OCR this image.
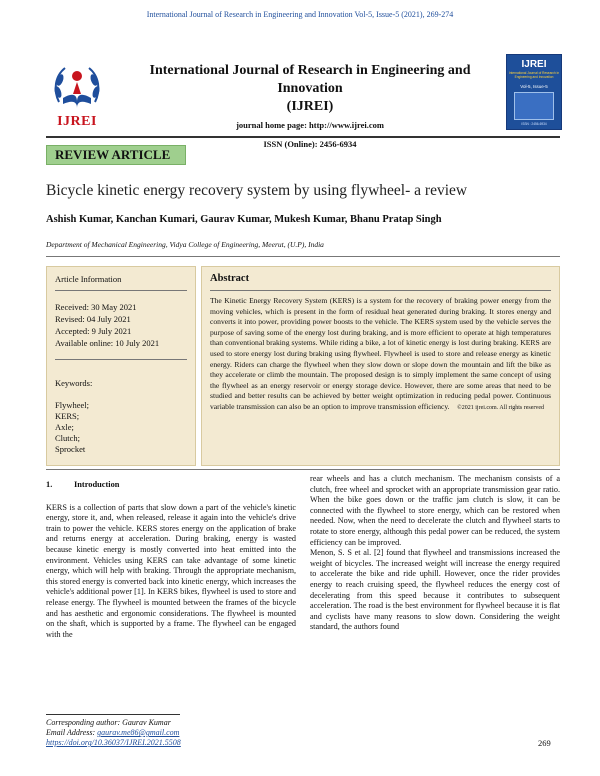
International Journal of Research in Engineering and Innovation Vol-5, Issue-5 (2021), 269-274
IJREI
International Journal of Research in Engineering and Innovation
(IJREI)
journal home page: http://www.ijrei.com
ISSN (Online): 2456-6934
IJREI
International Journal of Research in Engineering and Innovation
Vol-5, Issue-5
ISSN : 2456-6934
REVIEW ARTICLE
Bicycle kinetic energy recovery system by using flywheel- a review
Ashish Kumar, Kanchan Kumari, Gaurav Kumar, Mukesh Kumar, Bhanu Pratap Singh
Department of Mechanical Engineering, Vidya College of Engineering, Meerut, (U.P), India
Article Information
Received: 30 May 2021
Revised: 04 July 2021
Accepted: 9 July 2021
Available online: 10 July 2021
Keywords:
Flywheel;
KERS;
Axle;
Clutch;
Sprocket
Abstract
The Kinetic Energy Recovery System (KERS) is a system for the recovery of braking power energy from the moving vehicles, which is present in the form of residual heat generated during braking. It stores energy and converts it into power, providing power boosts to the vehicle. The KERS system used by the vehicle serves the purpose of saving some of the energy lost during braking, and is more efficient to operate at high temperatures than conventional braking systems. While riding a bike, a lot of kinetic energy is lost during braking. KERS are used to store energy lost during braking using flywheel. Flywheel is used to store and release energy as kinetic energy. Riders can charge the flywheel when they slow down or slope down the mountain and lift the bike as they accelerate or climb the mountain. The proposed design is to simply implement the same concept of using the flywheel as an energy reservoir or energy storage device. However, there are some areas that need to be studied and better results can be achieved by better weight optimization in reducing pedal power. Continuous variable transmission can also be an option to improve transmission efficiency. ©2021 ijrei.com. All rights reserved
1.	Introduction

KERS is a collection of parts that slow down a part of the vehicle's kinetic energy, store it, and, when released, release it again into the vehicle's drive train to power the vehicle. KERS stores energy on the application of brake and returns energy at acceleration. During braking, energy is wasted because kinetic energy is mostly converted into heat emitted into the environment. Vehicles using KERS can take advantage of some kinetic energy, which will help with braking. Through the appropriate mechanism, this stored energy is converted back into kinetic energy, which increases the vehicle's additional power [1]. In KERS bikes, flywheel is used to store and release energy. The flywheel is mounted between the frames of the bicycle and has aesthetic and ergonomic considerations. The flywheel is mounted on the shaft, which is supported by a frame. The flywheel can be engaged with the

rear wheels and has a clutch mechanism. The mechanism consists of a clutch, free wheel and sprocket with an appropriate transmission gear ratio. When the bike goes down or the traffic jam clutch is slow, it can be connected with the flywheel to store energy, which can be restored when needed. Now, when the need to decelerate the clutch and flywheel starts to rotate to store energy, although this pedal power can be reduced, the system efficiency can be improved.

Menon, S. S et al. [2] found that flywheel and transmissions increased the weight of bicycles. The increased weight will increase the energy required to accelerate the bike and ride uphill. However, once the rider provides energy to reach cruising speed, the flywheel reduces the energy cost of decelerating from this speed because it contributes to subsequent acceleration. The road is the best environment for flywheel because it is flat and cyclists have many reasons to slow down. Considering the weight standard, the authors found

Corresponding author: Gaurav Kumar
Email Address: gaurav.me86@gmail.com
https://doi.org/10.36037/IJREI.2021.5508	269
